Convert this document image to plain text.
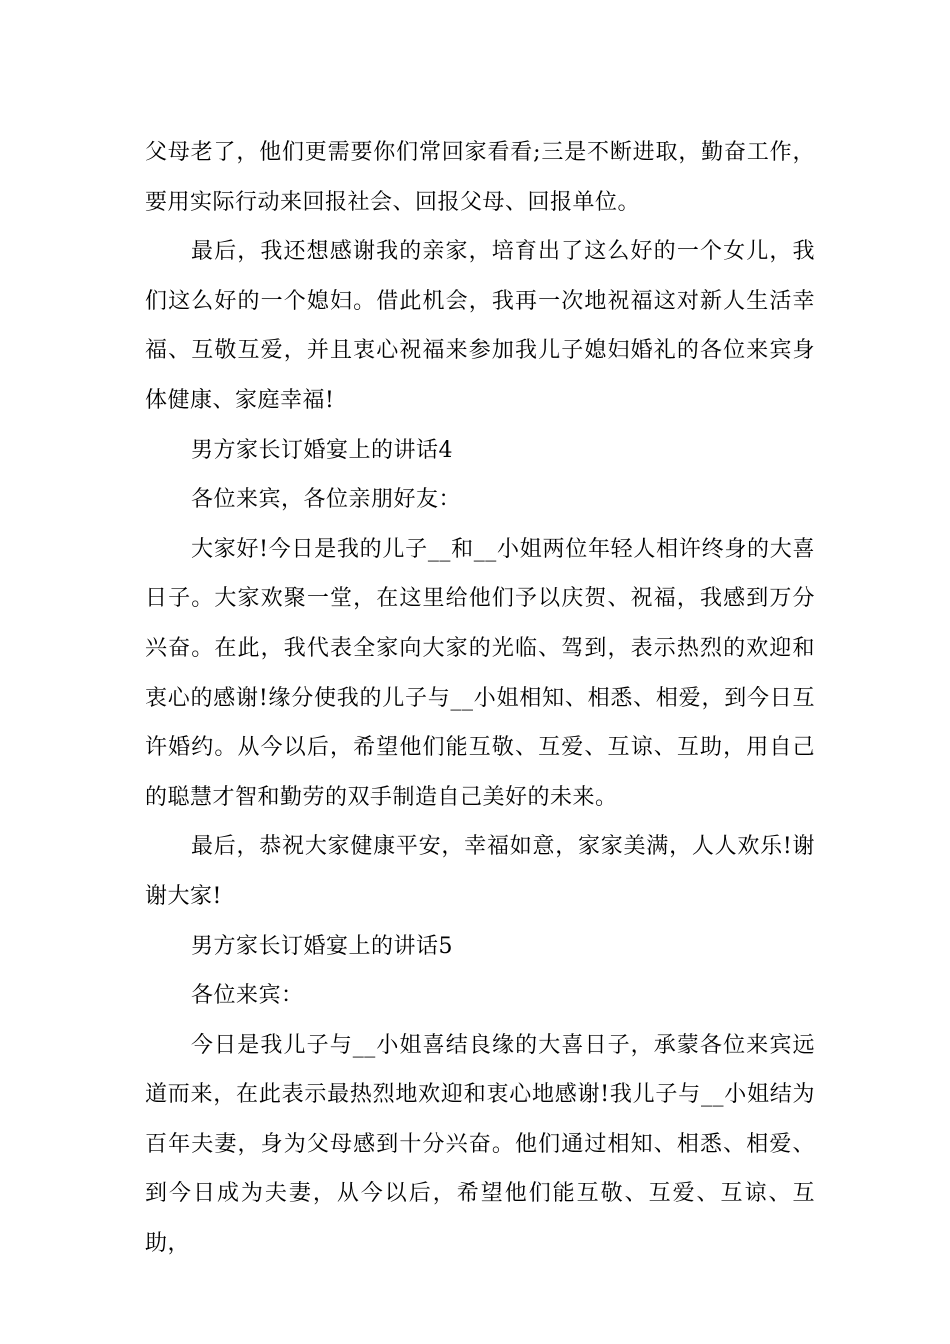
父母老了，他们更需要你们常回家看看;三是不断进取，勤奋工作，要用实际行动来回报社会、回报父母、回报单位。

最后，我还想感谢我的亲家，培育出了这么好的一个女儿，我们这么好的一个媳妇。借此机会，我再一次地祝福这对新人生活幸福、互敬互爱，并且衷心祝福来参加我儿子媳妇婚礼的各位来宾身体健康、家庭幸福!

男方家长订婚宴上的讲话4

各位来宾，各位亲朋好友：

大家好!今日是我的儿子__和__小姐两位年轻人相许终身的大喜日子。大家欢聚一堂，在这里给他们予以庆贺、祝福，我感到万分兴奋。在此，我代表全家向大家的光临、驾到，表示热烈的欢迎和衷心的感谢!缘分使我的儿子与__小姐相知、相悉、相爱，到今日互许婚约。从今以后，希望他们能互敬、互爱、互谅、互助，用自己的聪慧才智和勤劳的双手制造自己美好的未来。

最后，恭祝大家健康平安，幸福如意，家家美满，人人欢乐!谢谢大家!

男方家长订婚宴上的讲话5

各位来宾：

今日是我儿子与__小姐喜结良缘的大喜日子，承蒙各位来宾远道而来，在此表示最热烈地欢迎和衷心地感谢!我儿子与__小姐结为百年夫妻，身为父母感到十分兴奋。他们通过相知、相悉、相爱、到今日成为夫妻，从今以后，希望他们能互敬、互爱、互谅、互助，
